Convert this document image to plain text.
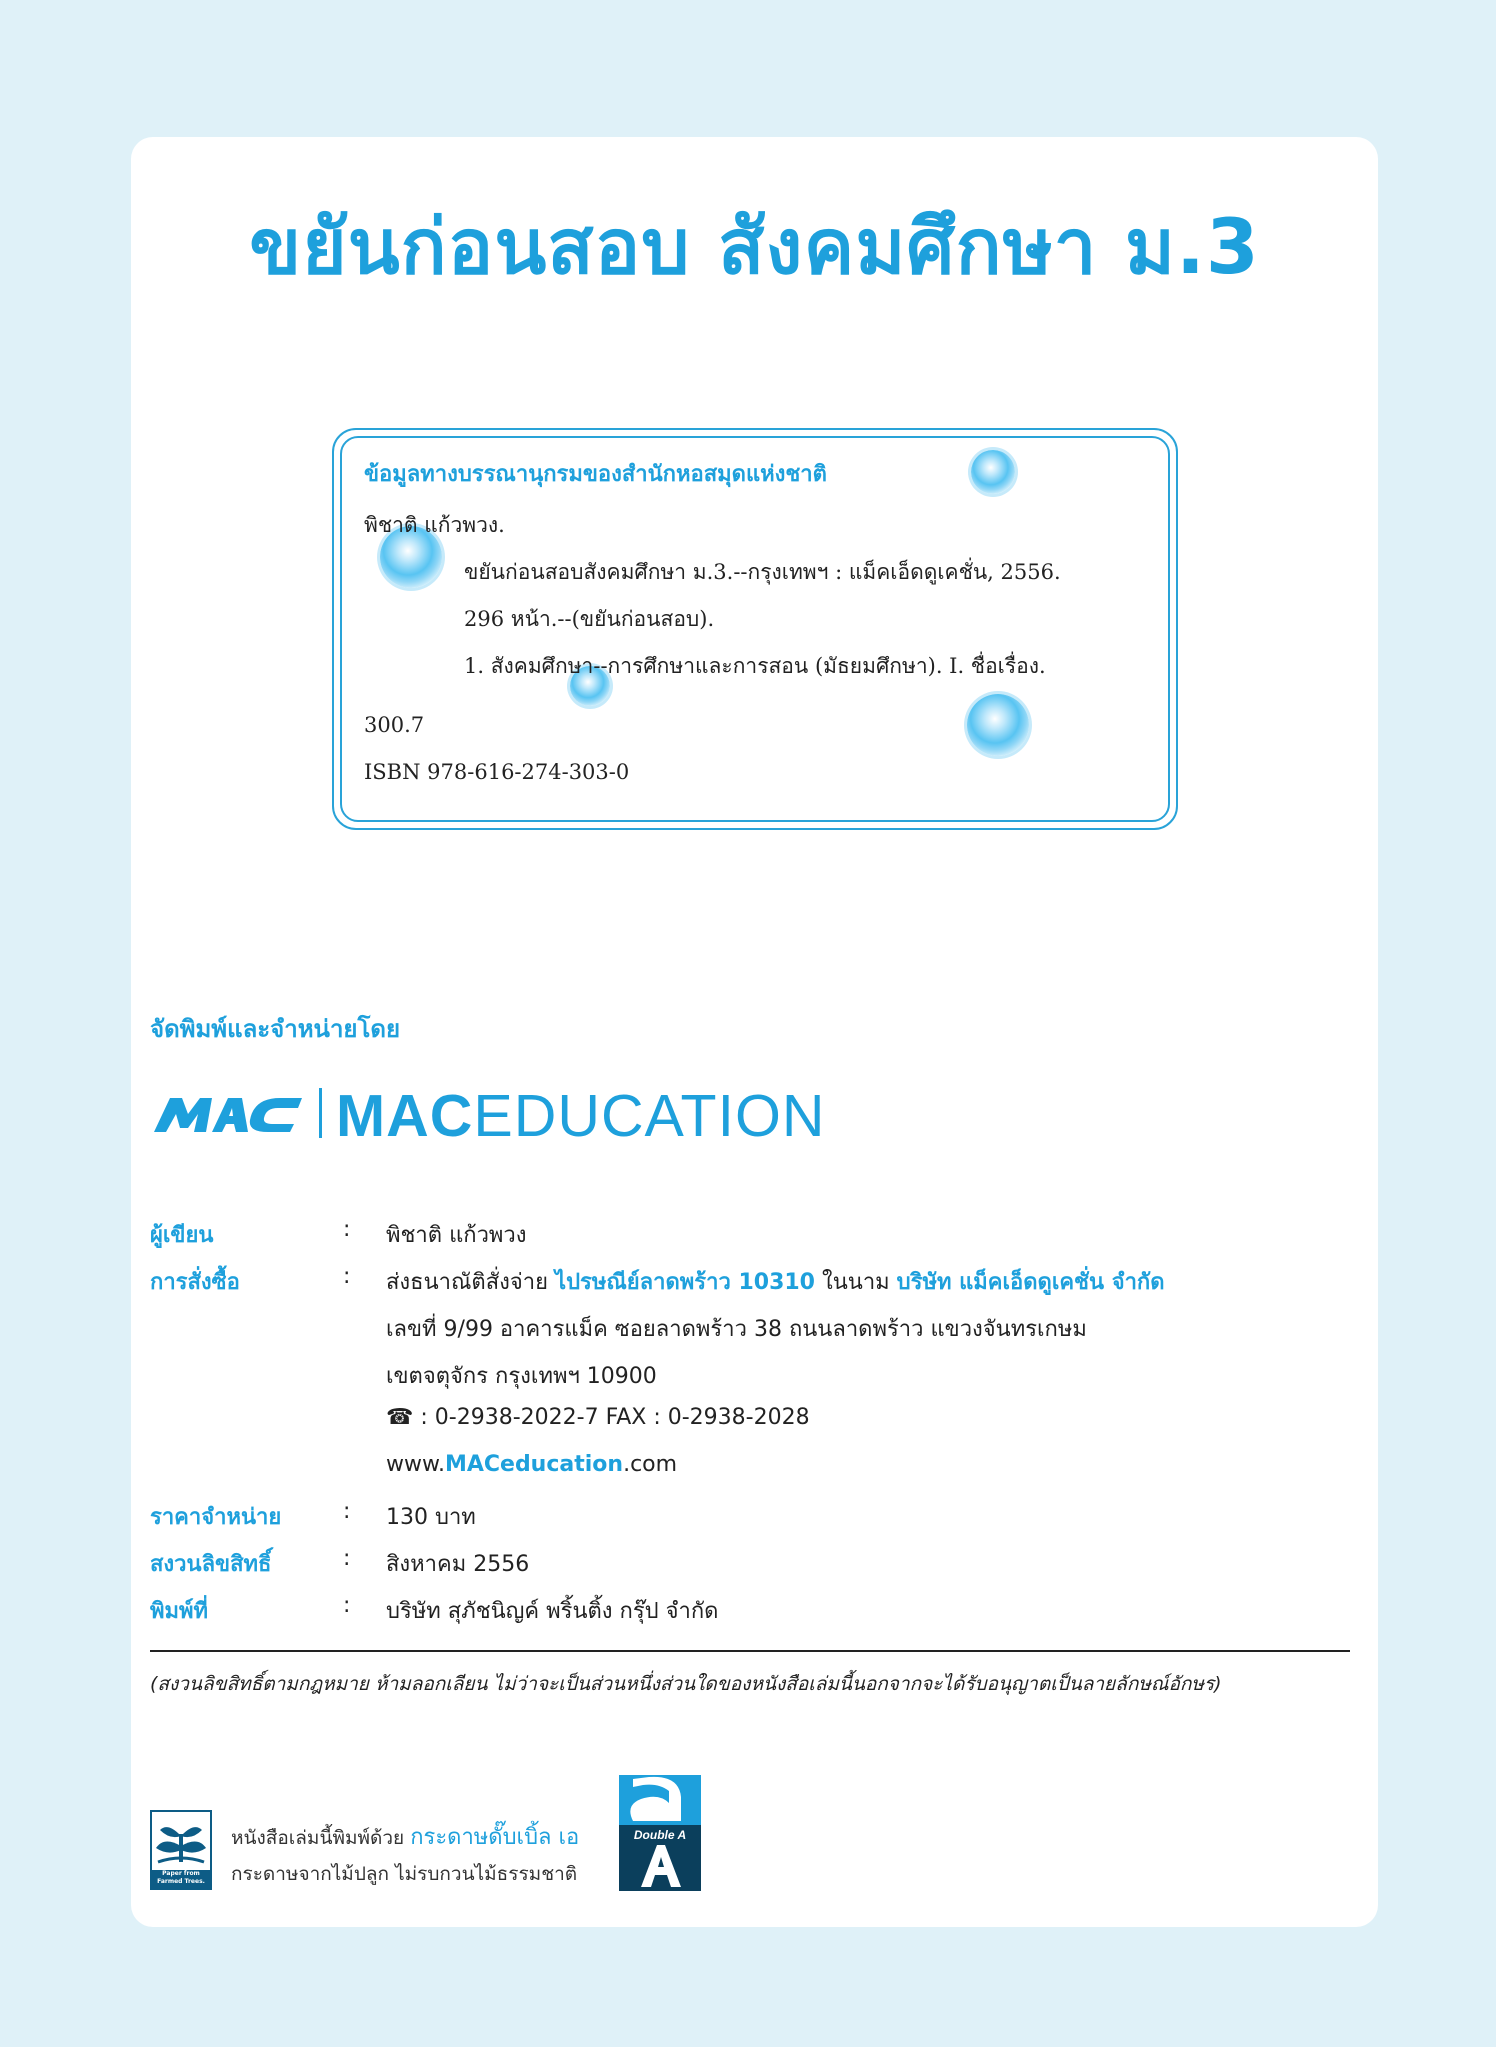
ขยันก่อนสอบ สังคมศึกษา ม.3
ข้อมูลทางบรรณานุกรมของสำนักหอสมุดแห่งชาติ
พิชาติ แก้วพวง.
ขยันก่อนสอบสังคมศึกษา ม.3.--กรุงเทพฯ : แม็คเอ็ดดูเคชั่น, 2556.
296 หน้า.--(ขยันก่อนสอบ).
1. สังคมศึกษา--การศึกษาและการสอน (มัธยมศึกษา). I. ชื่อเรื่อง.
300.7
ISBN 978-616-274-303-0
จัดพิมพ์และจำหน่ายโดย
MACEDUCATION
ผู้เขียน	: พิชาติ แก้วพวง
การสั่งซื้อ	: ส่งธนาณัติสั่งจ่าย ไปรษณีย์ลาดพร้าว 10310 ในนาม บริษัท แม็คเอ็ดดูเคชั่น จำกัด
เลขที่ 9/99 อาคารแม็ค ซอยลาดพร้าว 38 ถนนลาดพร้าว แขวงจันทรเกษม
เขตจตุจักร กรุงเทพฯ 10900
☎ : 0-2938-2022-7 FAX : 0-2938-2028
www.MACeducation.com
ราคาจำหน่าย	: 130 บาท
สงวนลิขสิทธิ์	: สิงหาคม 2556
พิมพ์ที่	: บริษัท สุภัชนิญค์ พริ้นติ้ง กรุ๊ป จำกัด
(สงวนลิขสิทธิ์ตามกฎหมาย ห้ามลอกเลียน ไม่ว่าจะเป็นส่วนหนึ่งส่วนใดของหนังสือเล่มนี้นอกจากจะได้รับอนุญาตเป็นลายลักษณ์อักษร)
Paper from Farmed Trees.
หนังสือเล่มนี้พิมพ์ด้วย กระดาษดั๊บเบิ้ล เอ
กระดาษจากไม้ปลูก ไม่รบกวนไม้ธรรมชาติ
Double A
